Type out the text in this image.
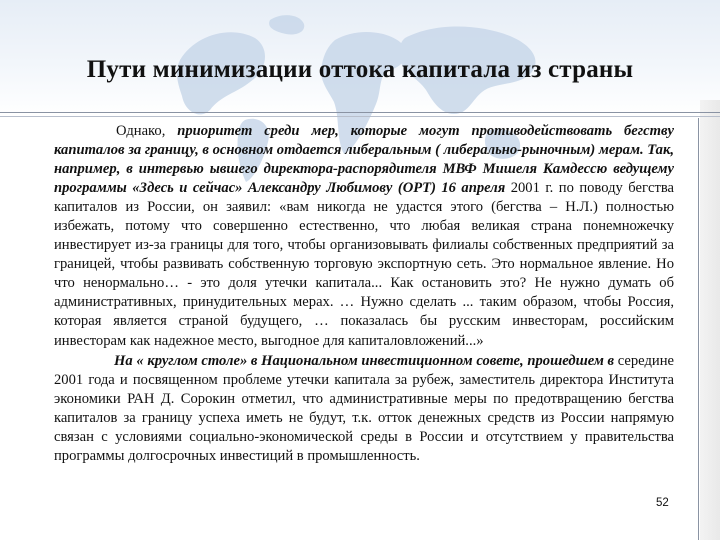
Пути минимизации оттока капитала из страны

Однако, приоритет среди мер, которые могут противодействовать бегству капиталов за границу, в основном отдается либеральным ( либерально-рыночным) мерам. Так, например, в интервью ывшего директора-распорядителя МВФ Мишеля Камдессю ведущему программы «Здесь и сейчас» Александру Любимову (ОРТ) 16 апреля 2001 г. по поводу бегства капиталов из России, он заявил: «вам никогда не удастся этого (бегства – Н.Л.) полностью избежать, потому что совершенно естественно, что любая великая страна понемножечку инвестирует из-за границы для того, чтобы организовывать филиалы собственных предприятий за границей, чтобы развивать собственную торговую экспортную сеть. Это нормальное явление. Но что ненормально… - это доля утечки капитала... Как остановить это? Не нужно думать об административных, принудительных мерах. … Нужно сделать ... таким образом, чтобы Россия, которая является страной будущего, … показалась бы русским инвесторам, российским инвесторам как надежное место, выгодное для капиталовложений...»

На « круглом столе» в Национальном инвестиционном совете, прошедшем в середине 2001 года и посвященном проблеме утечки капитала за рубеж, заместитель директора Института экономики РАН Д. Сорокин отметил, что административные меры по предотвращению бегства капиталов за границу успеха иметь не будут, т.к. отток денежных средств из России напрямую связан с условиями социально-экономической среды в России и отсутствием у правительства программы долгосрочных инвестиций в промышленность.

52
